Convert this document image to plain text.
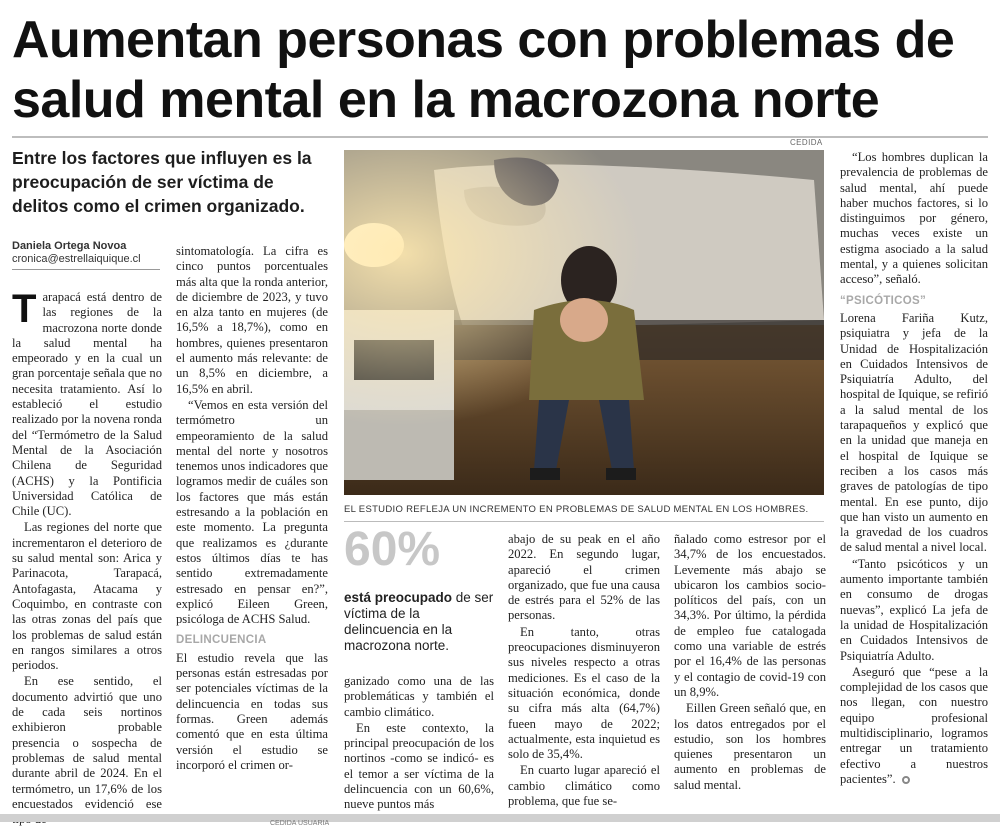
Aumentan personas con problemas de salud mental en la macrozona norte
Entre los factores que influyen es la preocupación de ser víctima de delitos como el crimen organizado.
Daniela Ortega Novoa
cronica@estrellaiquique.cl

Tarapacá está dentro de las regiones de la macrozona norte donde la salud mental ha empeorado y en la cual un gran porcentaje señala que no necesita tratamiento. Así lo estableció el estudio realizado por la novena ronda del “Termómetro de la Salud Mental de la Asociación Chilena de Seguridad (ACHS) y la Pontificia Universidad Católica de Chile (UC).

Las regiones del norte que incrementaron el deterioro de su salud mental son: Arica y Parinacota, Tarapacá, Antofagasta, Atacama y Coquimbo, en contraste con las otras zonas del país que los problemas de salud están en rangos similares a otros periodos.

En ese sentido, el documento advirtió que uno de cada seis nortinos exhibieron probable presencia o sospecha de problemas de salud mental durante abril de 2024. En el termómetro, un 17,6% de los encuestados evidenció ese

sintomatología. La cifra es cinco puntos porcentuales más alta que la ronda anterior, de diciembre de 2023, y tuvo en alza tanto en mujeres (de 16,5% a 18,7%), como en hombres, quienes presentaron el aumento más relevante: de un 8,5% en diciembre, a 16,5% en abril.

“Vemos en esta versión del termómetro un empeoramiento de la salud mental del norte y nosotros tenemos unos indicadores que logramos medir de cuáles son los factores que más están estresando a la población en este momento. La pregunta que realizamos es ¿durante estos últimos días te has sentido extremadamente estresado en pensar en?”, explicó Eileen Green, psicóloga de ACHS Salud.

DELINCUENCIA

El estudio revela que las personas están estresadas por ser potenciales víctimas de la delincuencia en todas sus formas. Green además comentó que en esta última versión el estudio se incorporó el crimen or-

CEDIDA
EL ESTUDIO REFLEJA UN INCREMENTO EN PROBLEMAS DE SALUD MENTAL EN LOS HOMBRES.
60%
está preocupado de ser víctima de la delincuencia en la macrozona norte.

ganizado como una de las problemáticas y también el cambio climático.

En este contexto, la principal preocupación de los nortinos -como se indicó- es el temor a ser víctima de la delincuencia con un 60,6%, nueve puntos más

abajo de su peak en el año 2022. En segundo lugar, apareció el crimen organizado, que fue una causa de estrés para el 52% de las personas.

En tanto, otras preocupaciones disminuyeron sus niveles respecto a otras mediciones. Es el caso de la situación económica, donde su cifra más alta (64,7%) fueen mayo de 2022; actualmente, esta inquietud es solo de 35,4%.

En cuarto lugar apareció el cambio climático como problema, que fue se-

ñalado como estresor por el 34,7% de los encuestados. Levemente más abajo se ubicaron los cambios socio-políticos del país, con un 34,3%. Por último, la pérdida de empleo fue catalogada como una variable de estrés por el 16,4% de las personas y el contagio de covid-19 con un 8,9%.

Eillen Green señaló que, en los datos entregados por el estudio, son los hombres quienes presentaron un aumento en problemas de salud mental.

“Los hombres duplican la prevalencia de problemas de salud mental, ahí puede haber muchos factores, si lo distinguimos por género, muchas veces existe un estigma asociado a la salud mental, y a quienes solicitan acceso”, señaló.

“PSICÓTICOS”

Lorena Fariña Kutz, psiquiatra y jefa de la Unidad de Hospitalización en Cuidados Intensivos de Psiquiatría Adulto, del hospital de Iquique, se refirió a la salud mental de los tarapaqueños y explicó que en la unidad que maneja en el hospital de Iquique se reciben a los casos más graves de patologías de tipo mental. En ese punto, dijo que han visto un aumento en la gravedad de los cuadros de salud mental a nivel local.

“Tanto psicóticos y un aumento importante también en consumo de drogas nuevas”, explicó La jefa de la unidad de Hospitalización en Cuidados Intensivos de Psiquiatría Adulto.

Aseguró que “pese a la complejidad de los casos que nos llegan, con nuestro equipo profesional multidisciplinario, logramos entregar un tratamiento efectivo a nuestros pacientes”.

CEDIDA USUARIA
